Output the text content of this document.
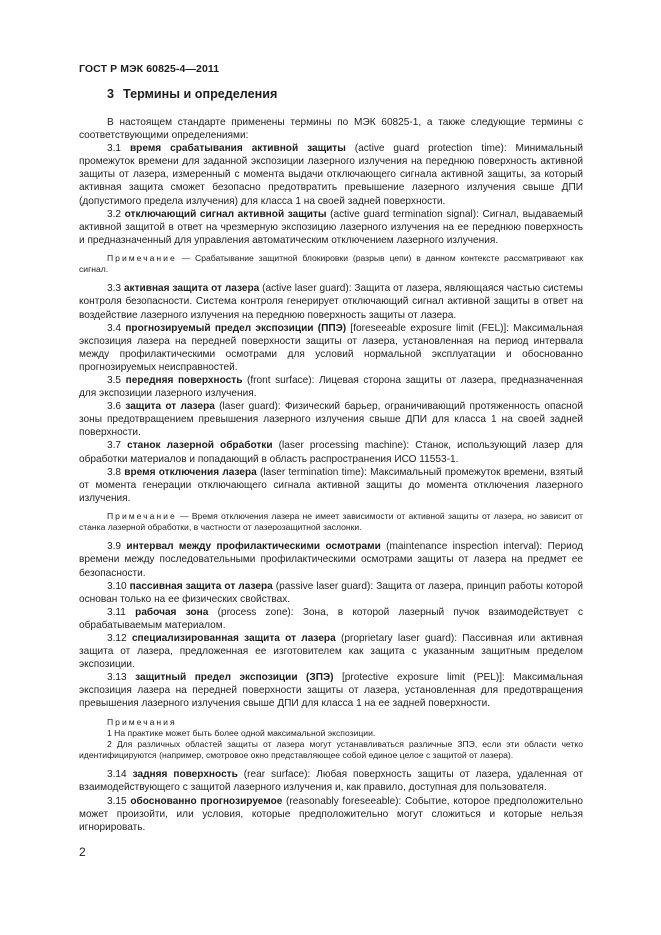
ГОСТ Р МЭК 60825-4—2011
3 Термины и определения

В настоящем стандарте применены термины по МЭК 60825-1, а также следующие термины с соответствующими определениями:

3.1 время срабатывания активной защиты (active guard protection time): Минимальный промежуток времени для заданной экспозиции лазерного излучения на переднюю поверхность активной защиты от лазера, измеренный с момента выдачи отключающего сигнала активной защиты, за который активная защита сможет безопасно предотвратить превышение лазерного излучения свыше ДПИ (допустимого предела излучения) для класса 1 на своей задней поверхности.

3.2 отключающий сигнал активной защиты (active guard termination signal): Сигнал, выдаваемый активной защитой в ответ на чрезмерную экспозицию лазерного излучения на ее переднюю поверхность и предназначенный для управления автоматическим отключением лазерного излучения.

Примечание — Срабатывание защитной блокировки (разрыв цепи) в данном контексте рассматривают как сигнал.

3.3 активная защита от лазера (active laser guard): Защита от лазера, являющаяся частью системы контроля безопасности. Система контроля генерирует отключающий сигнал активной защиты в ответ на воздействие лазерного излучения на переднюю поверхность защиты от лазера.

3.4 прогнозируемый предел экспозиции (ППЭ) [foreseeable exposure limit (FEL)]: Максимальная экспозиция лазера на передней поверхности защиты от лазера, установленная на период интервала между профилактическими осмотрами для условий нормальной эксплуатации и обоснованно прогнозируемых неисправностей.

3.5 передняя поверхность (front surface): Лицевая сторона защиты от лазера, предназначенная для экспозиции лазерного излучения.

3.6 защита от лазера (laser guard): Физический барьер, ограничивающий протяженность опасной зоны предотвращением превышения лазерного излучения свыше ДПИ для класса 1 на своей задней поверхности.

3.7 станок лазерной обработки (laser processing machine): Станок, использующий лазер для обработки материалов и попадающий в область распространения ИСО 11553-1.

3.8 время отключения лазера (laser termination time): Максимальный промежуток времени, взятый от момента генерации отключающего сигнала активной защиты до момента отключения лазерного излучения.

Примечание — Время отключения лазера не имеет зависимости от активной защиты от лазера, но зависит от станка лазерной обработки, в частности от лазерозащитной заслонки.

3.9 интервал между профилактическими осмотрами (maintenance inspection interval): Период времени между последовательными профилактическими осмотрами защиты от лазера на предмет ее безопасности.

3.10 пассивная защита от лазера (passive laser guard): Защита от лазера, принцип работы которой основан только на ее физических свойствах.

3.11 рабочая зона (process zone): Зона, в которой лазерный пучок взаимодействует с обрабатываемым материалом.

3.12 специализированная защита от лазера (proprietary laser guard): Пассивная или активная защита от лазера, предложенная ее изготовителем как защита с указанным защитным пределом экспозиции.

3.13 защитный предел экспозиции (ЗПЭ) [protective exposure limit (PEL)]: Максимальная экспозиция лазера на передней поверхности защиты от лазера, установленная для предотвращения превышения лазерного излучения свыше ДПИ для класса 1 на ее задней поверхности.

Примечания

1 На практике может быть более одной максимальной экспозиции.

2 Для различных областей защиты от лазера могут устанавливаться различные ЗПЭ, если эти области четко идентифицируются (например, смотровое окно представляющее собой единое целое с защитой от лазера).

3.14 задняя поверхность (rear surface): Любая поверхность защиты от лазера, удаленная от взаимодействующего с защитой лазерного излучения и, как правило, доступная для пользователя.

3.15 обоснованно прогнозируемое (reasonably foreseeable): Событие, которое предположительно может произойти, или условия, которые предположительно могут сложиться и которые нельзя игнорировать.

2
